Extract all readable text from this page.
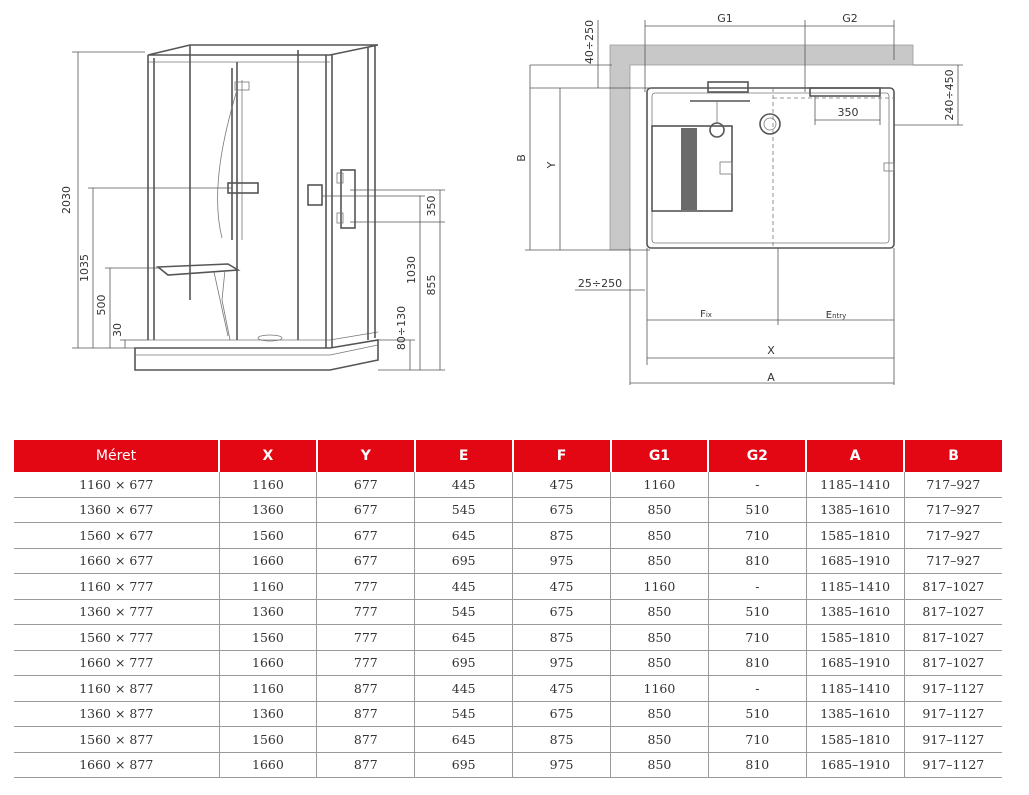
2030
1035
500
30
350
1030
855
80÷130
40÷250
G1	G2
240÷450
350
B
Y
25÷250
Fix	Entry
X
A
Méret	X	Y	E	F	G1	G2	A	B
1160 × 677	1160	677	445	475	1160	-	1185–1410	717–927
1360 × 677	1360	677	545	675	850	510	1385–1610	717–927
1560 × 677	1560	677	645	875	850	710	1585–1810	717–927
1660 × 677	1660	677	695	975	850	810	1685–1910	717–927
1160 × 777	1160	777	445	475	1160	-	1185–1410	817–1027
1360 × 777	1360	777	545	675	850	510	1385–1610	817–1027
1560 × 777	1560	777	645	875	850	710	1585–1810	817–1027
1660 × 777	1660	777	695	975	850	810	1685–1910	817–1027
1160 × 877	1160	877	445	475	1160	-	1185–1410	917–1127
1360 × 877	1360	877	545	675	850	510	1385–1610	917–1127
1560 × 877	1560	877	645	875	850	710	1585–1810	917–1127
1660 × 877	1660	877	695	975	850	810	1685–1910	917–1127
